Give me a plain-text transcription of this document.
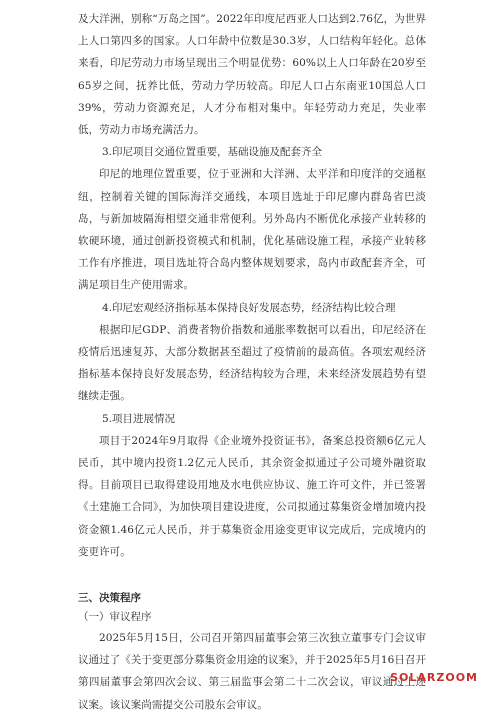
及大洋洲，别称“万岛之国”。2022年印度尼西亚人口达到2.76亿，为世界上人口第四多的国家。人口年龄中位数是30.3岁，人口结构年轻化。总体来看，印尼劳动力市场呈现出三个明显优势：60%以上人口年龄在20岁至65岁之间，抚养比低，劳动力学历较高。印尼人口占东南亚10国总人口39%，劳动力资源充足，人才分布相对集中。年轻劳动力充足，失业率低，劳动力市场充满活力。

3.印尼项目交通位置重要，基础设施及配套齐全

印尼的地理位置重要，位于亚洲和大洋洲、太平洋和印度洋的交通枢纽，控制着关键的国际海洋交通线，本项目选址于印尼廖内群岛省巴淡岛，与新加坡隔海相望交通非常便利。另外岛内不断优化承接产业转移的软硬环境，通过创新投资模式和机制，优化基础设施工程，承接产业转移工作有序推进，项目选址符合岛内整体规划要求，岛内市政配套齐全，可满足项目生产使用需求。

4.印尼宏观经济指标基本保持良好发展态势，经济结构比较合理

根据印尼GDP、消费者物价指数和通胀率数据可以看出，印尼经济在疫情后迅速复苏，大部分数据甚至超过了疫情前的最高值。各项宏观经济指标基本保持良好发展态势，经济结构较为合理，未来经济发展趋势有望继续走强。

5.项目进展情况

项目于2024年9月取得《企业境外投资证书》，备案总投资额6亿元人民币，其中境内投资1.2亿元人民币，其余资金拟通过子公司境外融资取得。目前项目已取得建设用地及水电供应协议、施工许可文件，并已签署《土建施工合同》，为加快项目建设进度，公司拟通过募集资金增加境内投资金额1.46亿元人民币，并于募集资金用途变更审议完成后，完成境内的变更许可。

三、决策程序

（一）审议程序

2025年5月15日，公司召开第四届董事会第三次独立董事专门会议审议通过了《关于变更部分募集资金用途的议案》，并于2025年5月16日召开第四届董事会第四次会议、第三届监事会第二十二次会议，审议通过上述议案。该议案尚需提交公司股东会审议。

SOLARZOOM
